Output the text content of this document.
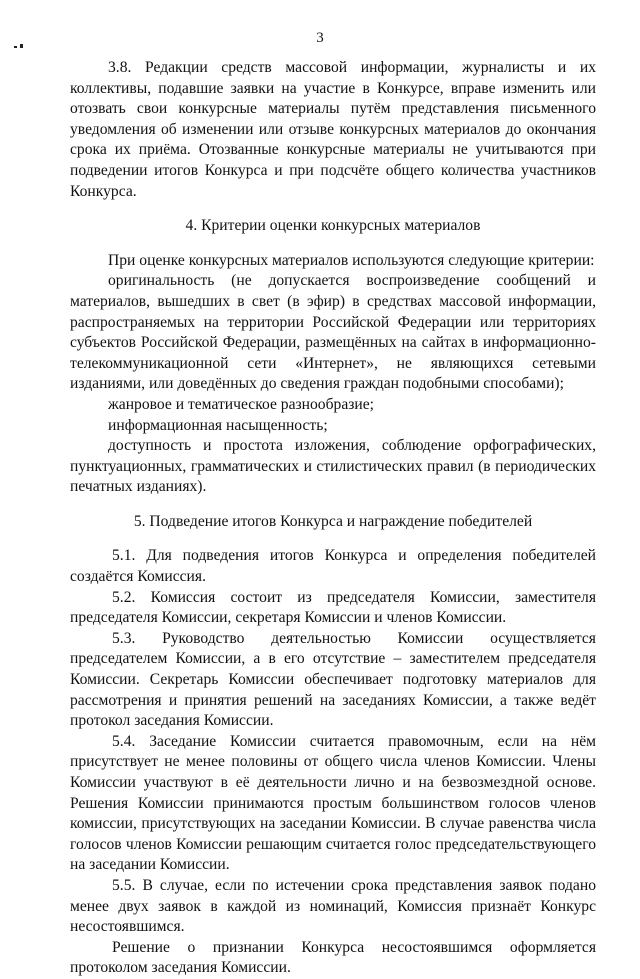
3

3.8. Редакции средств массовой информации, журналисты и их коллективы, подавшие заявки на участие в Конкурсе, вправе изменить или отозвать свои конкурсные материалы путём представления письменного уведомления об изменении или отзыве конкурсных материалов до окончания срока их приёма. Отозванные конкурсные материалы не учитываются при подведении итогов Конкурса и при подсчёте общего количества участников Конкурса.

4. Критерии оценки конкурсных материалов

При оценке конкурсных материалов используются следующие критерии:

оригинальность (не допускается воспроизведение сообщений и материалов, вышедших в свет (в эфир) в средствах массовой информации, распространяемых на территории Российской Федерации или территориях субъектов Российской Федерации, размещённых на сайтах в информационно-телекоммуникационной сети «Интернет», не являющихся сетевыми изданиями, или доведённых до сведения граждан подобными способами);

жанровое и тематическое разнообразие;

информационная насыщенность;

доступность и простота изложения, соблюдение орфографических, пунктуационных, грамматических и стилистических правил (в периодических печатных изданиях).

5. Подведение итогов Конкурса и награждение победителей

5.1. Для подведения итогов Конкурса и определения победителей создаётся Комиссия.

5.2. Комиссия состоит из председателя Комиссии, заместителя председателя Комиссии, секретаря Комиссии и членов Комиссии.

5.3. Руководство деятельностью Комиссии осуществляется председателем Комиссии, а в его отсутствие – заместителем председателя Комиссии. Секретарь Комиссии обеспечивает подготовку материалов для рассмотрения и принятия решений на заседаниях Комиссии, а также ведёт протокол заседания Комиссии.

5.4. Заседание Комиссии считается правомочным, если на нём присутствует не менее половины от общего числа членов Комиссии. Члены Комиссии участвуют в её деятельности лично и на безвозмездной основе. Решения Комиссии принимаются простым большинством голосов членов комиссии, присутствующих на заседании Комиссии. В случае равенства числа голосов членов Комиссии решающим считается голос председательствующего на заседании Комиссии.

5.5. В случае, если по истечении срока представления заявок подано менее двух заявок в каждой из номинаций, Комиссия признаёт Конкурс несостоявшимся.

Решение о признании Конкурса несостоявшимся оформляется протоколом заседания Комиссии.
